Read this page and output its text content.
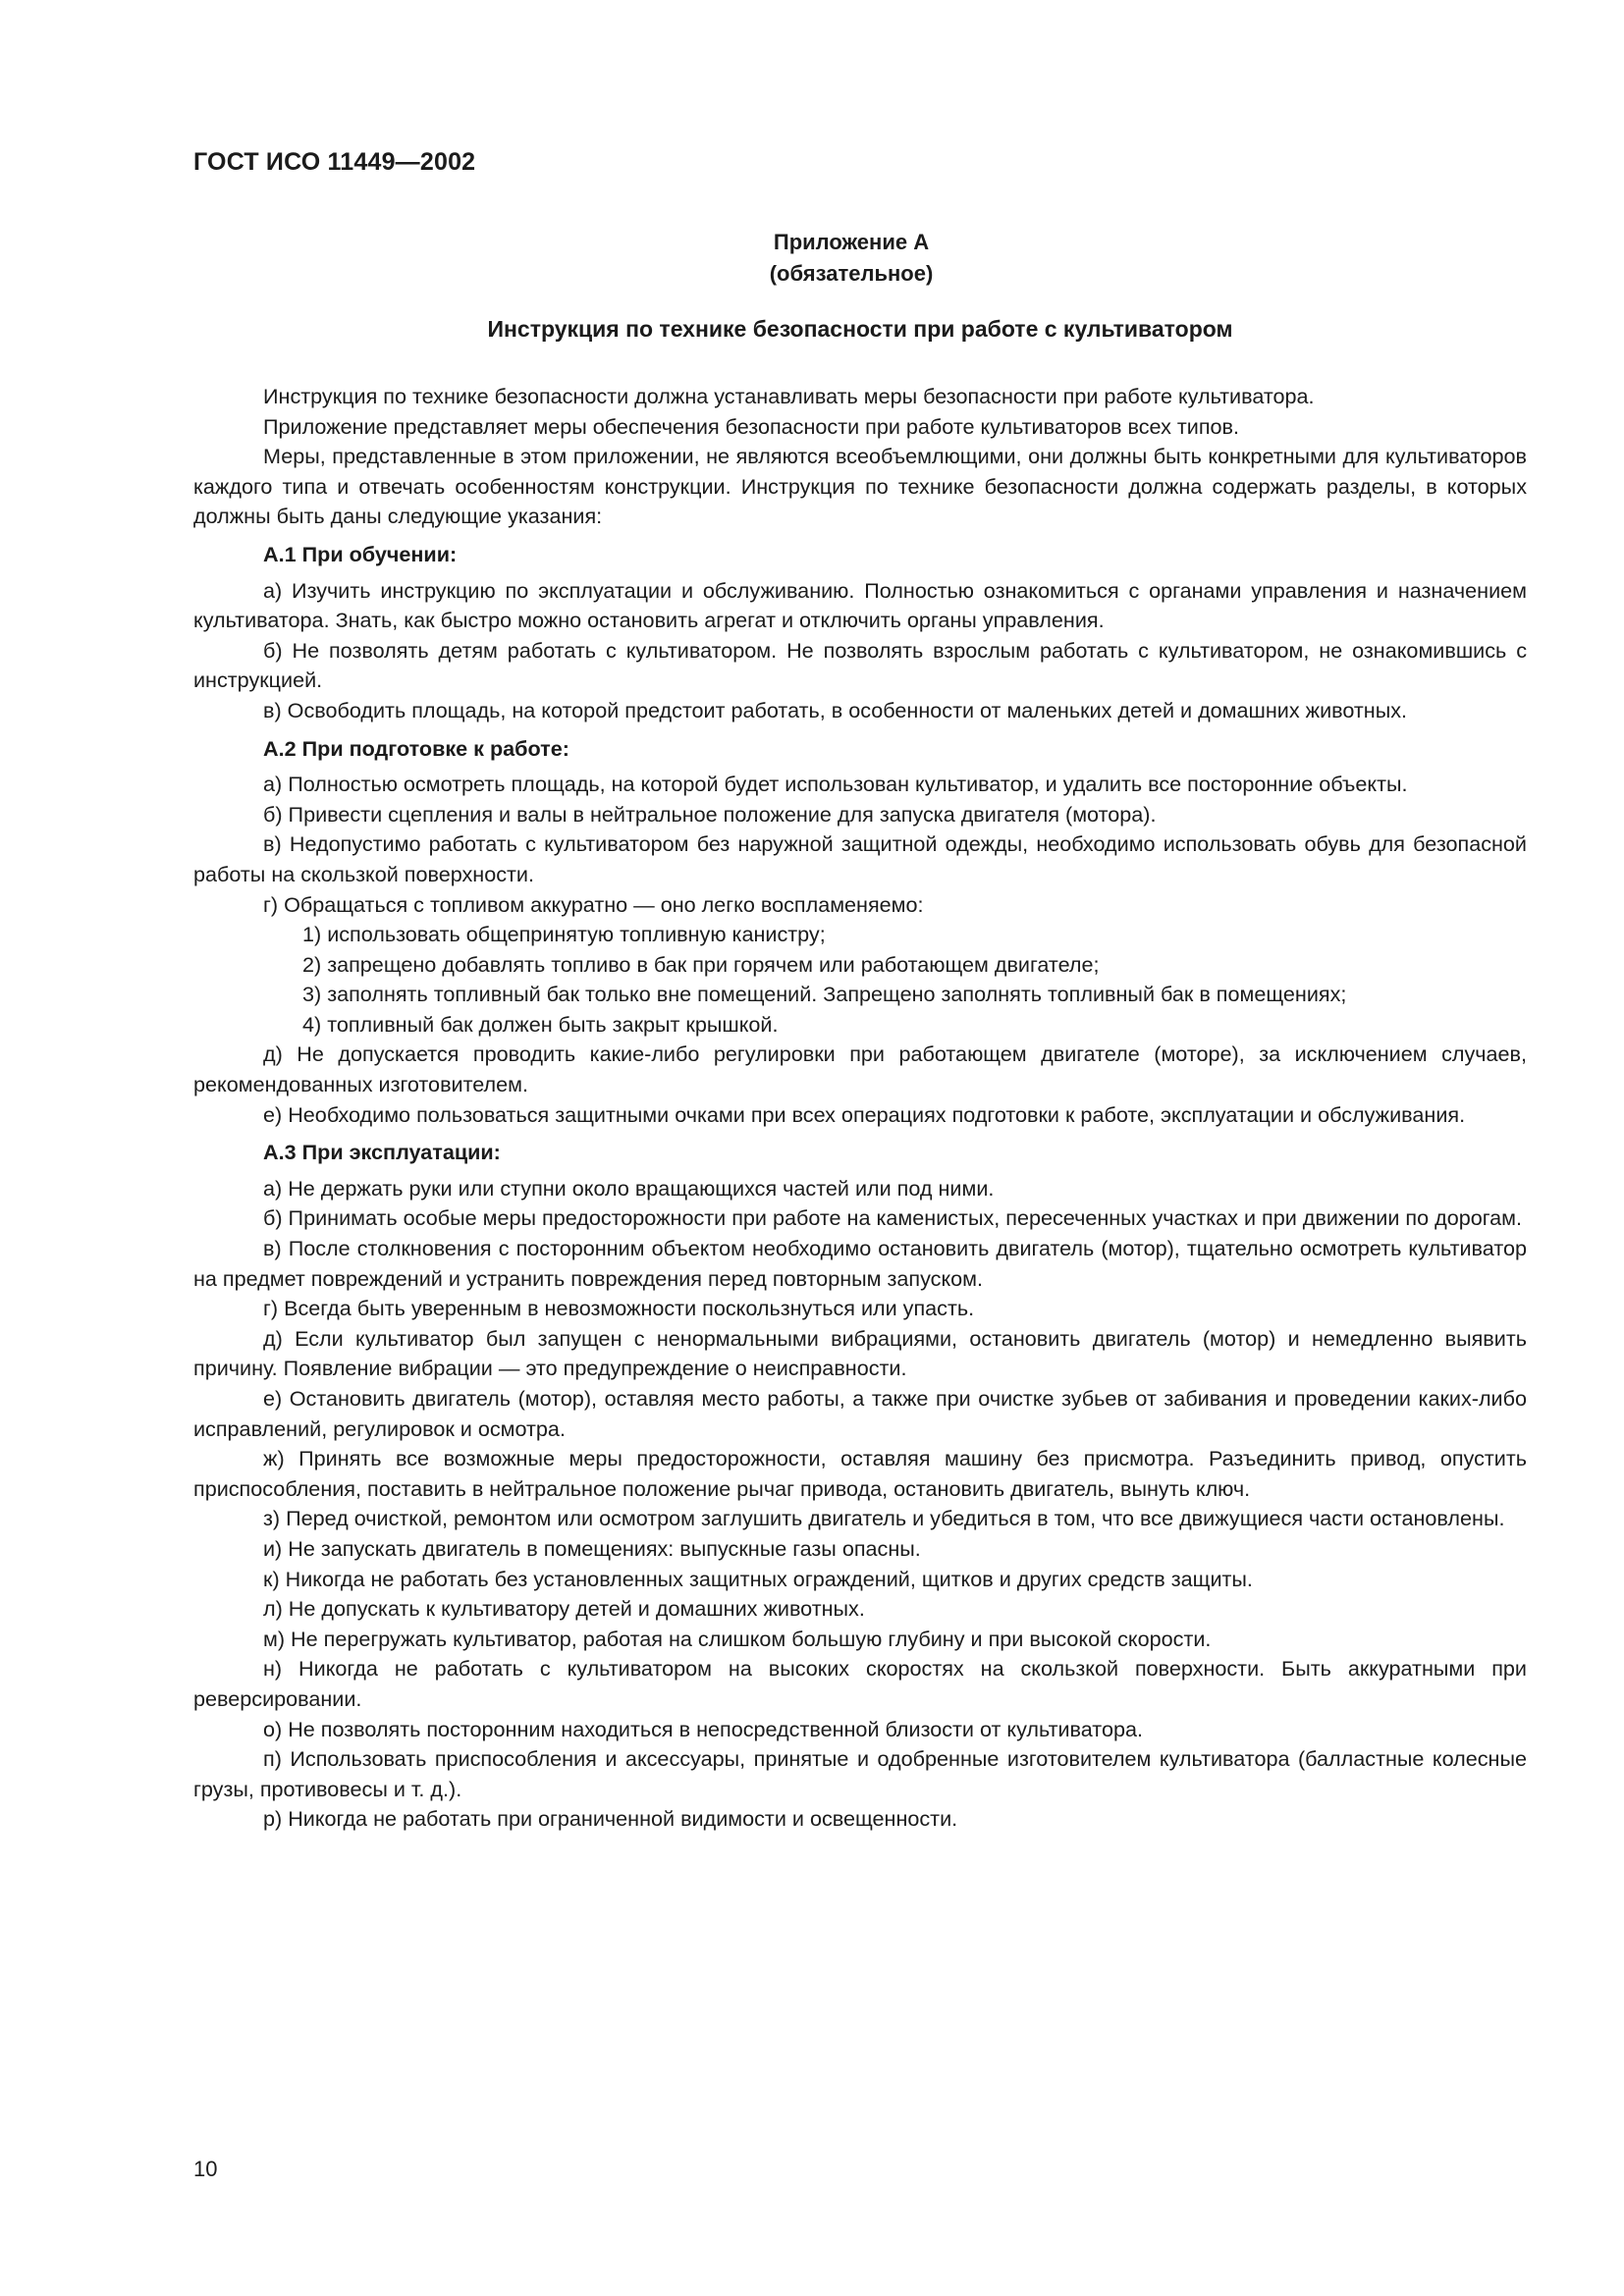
ГОСТ ИСО 11449—2002
Приложение А
(обязательное)
Инструкция по технике безопасности при работе с культиватором

Инструкция по технике безопасности должна устанавливать меры безопасности при работе культиватора.

Приложение представляет меры обеспечения безопасности при работе культиваторов всех типов.

Меры, представленные в этом приложении, не являются всеобъемлющими, они должны быть конкретными для культиваторов каждого типа и отвечать особенностям конструкции. Инструкция по технике безопасности должна содержать разделы, в которых должны быть даны следующие указания:

А.1 При обучении:

а) Изучить инструкцию по эксплуатации и обслуживанию. Полностью ознакомиться с органами управления и назначением культиватора. Знать, как быстро можно остановить агрегат и отключить органы управления.

б) Не позволять детям работать с культиватором. Не позволять взрослым работать с культиватором, не ознакомившись с инструкцией.

в) Освободить площадь, на которой предстоит работать, в особенности от маленьких детей и домашних животных.

А.2 При подготовке к работе:

а) Полностью осмотреть площадь, на которой будет использован культиватор, и удалить все посторонние объекты.

б) Привести сцепления и валы в нейтральное положение для запуска двигателя (мотора).

в) Недопустимо работать с культиватором без наружной защитной одежды, необходимо использовать обувь для безопасной работы на скользкой поверхности.

г) Обращаться с топливом аккуратно — оно легко воспламеняемо:

1) использовать общепринятую топливную канистру;

2) запрещено добавлять топливо в бак при горячем или работающем двигателе;

3) заполнять топливный бак только вне помещений. Запрещено заполнять топливный бак в помещениях;

4) топливный бак должен быть закрыт крышкой.

д) Не допускается проводить какие-либо регулировки при работающем двигателе (моторе), за исключением случаев, рекомендованных изготовителем.

е) Необходимо пользоваться защитными очками при всех операциях подготовки к работе, эксплуатации и обслуживания.

А.3 При эксплуатации:

а) Не держать руки или ступни около вращающихся частей или под ними.

б) Принимать особые меры предосторожности при работе на каменистых, пересеченных участках и при движении по дорогам.

в) После столкновения с посторонним объектом необходимо остановить двигатель (мотор), тщательно осмотреть культиватор на предмет повреждений и устранить повреждения перед повторным запуском.

г) Всегда быть уверенным в невозможности поскользнуться или упасть.

д) Если культиватор был запущен с ненормальными вибрациями, остановить двигатель (мотор) и немедленно выявить причину. Появление вибрации — это предупреждение о неисправности.

е) Остановить двигатель (мотор), оставляя место работы, а также при очистке зубьев от забивания и проведении каких-либо исправлений, регулировок и осмотра.

ж) Принять все возможные меры предосторожности, оставляя машину без присмотра. Разъединить привод, опустить приспособления, поставить в нейтральное положение рычаг привода, остановить двигатель, вынуть ключ.

з) Перед очисткой, ремонтом или осмотром заглушить двигатель и убедиться в том, что все движущиеся части остановлены.

и) Не запускать двигатель в помещениях: выпускные газы опасны.

к) Никогда не работать без установленных защитных ограждений, щитков и других средств защиты.

л) Не допускать к культиватору детей и домашних животных.

м) Не перегружать культиватор, работая на слишком большую глубину и при высокой скорости.

н) Никогда не работать с культиватором на высоких скоростях на скользкой поверхности. Быть аккуратными при реверсировании.

о) Не позволять посторонним находиться в непосредственной близости от культиватора.

п) Использовать приспособления и аксессуары, принятые и одобренные изготовителем культиватора (балластные колесные грузы, противовесы и т. д.).

р) Никогда не работать при ограниченной видимости и освещенности.

10
